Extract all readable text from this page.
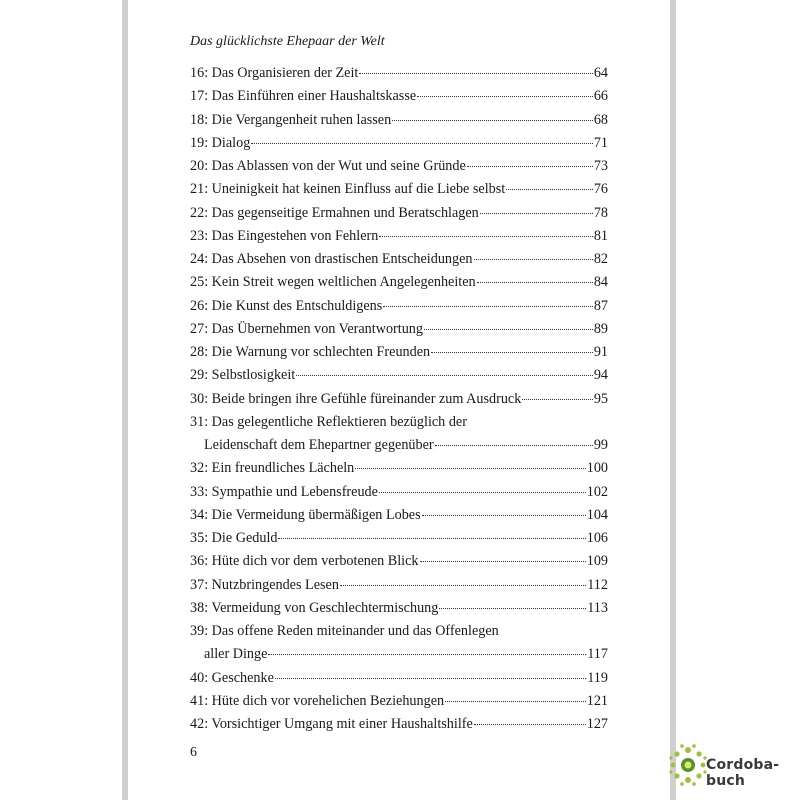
Das glücklichste Ehepaar der Welt
16: Das Organisieren der Zeit	64
17: Das Einführen einer Haushaltskasse	66
18: Die Vergangenheit ruhen lassen	68
19: Dialog	71
20: Das Ablassen von der Wut und seine Gründe	73
21: Uneinigkeit hat keinen Einfluss auf die Liebe selbst	76
22: Das gegenseitige Ermahnen und Beratschlagen	78
23: Das Eingestehen von Fehlern	81
24: Das Absehen von drastischen Entscheidungen	82
25: Kein Streit wegen weltlichen Angelegenheiten	84
26: Die Kunst des Entschuldigens	87
27: Das Übernehmen von Verantwortung	89
28: Die Warnung vor schlechten Freunden	91
29: Selbstlosigkeit	94
30: Beide bringen ihre Gefühle füreinander zum Ausdruck	95
31: Das gelegentliche Reflektieren bezüglich der
Leidenschaft dem Ehepartner gegenüber	99
32: Ein freundliches Lächeln	100
33: Sympathie und Lebensfreude	102
34: Die Vermeidung übermäßigen Lobes	104
35: Die Geduld	106
36: Hüte dich vor dem verbotenen Blick	109
37: Nutzbringendes Lesen	112
38: Vermeidung von Geschlechtermischung	113
39: Das offene Reden miteinander und das Offenlegen
aller Dinge	117
40: Geschenke	119
41: Hüte dich vor vorehelichen Beziehungen	121
42: Vorsichtiger Umgang mit einer Haushaltshilfe	127
6
Cordoba-buch
